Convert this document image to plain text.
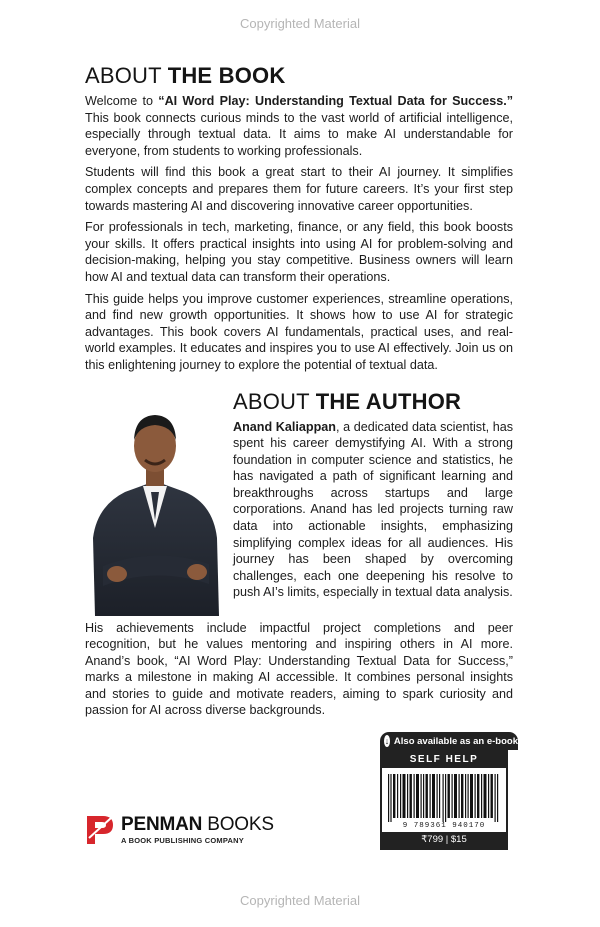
Copyrighted Material
ABOUT THE BOOK

Welcome to “AI Word Play: Understanding Textual Data for Success.” This book connects curious minds to the vast world of artificial intelligence, especially through textual data. It aims to make AI understandable for everyone, from students to working professionals.

Students will find this book a great start to their AI journey. It simplifies complex concepts and prepares them for future careers. It’s your first step towards mastering AI and discovering innovative career opportunities.

For professionals in tech, marketing, finance, or any field, this book boosts your skills. It offers practical insights into using AI for problem-solving and decision-making, helping you stay competitive. Business owners will learn how AI and textual data can transform their operations.

This guide helps you improve customer experiences, streamline operations, and find new growth opportunities. It shows how to use AI for strategic advantages. This book covers AI fundamentals, practical uses, and real-world examples. It educates and inspires you to use AI effectively. Join us on this enlightening journey to explore the potential of textual data.

ABOUT THE AUTHOR

Anand Kaliappan, a dedicated data scientist, has spent his career demystifying AI. With a strong foundation in computer science and statistics, he has navigated a path of significant learning and breakthroughs across startups and large corporations. Anand has led projects turning raw data into actionable insights, emphasizing simplifying complex ideas for all audiences. His journey has been shaped by overcoming challenges, each one deepening his resolve to push AI’s limits, especially in textual data analysis.

His achievements include impactful project completions and peer recognition, but he values mentoring and inspiring others in AI more. Anand’s book, “AI Word Play: Understanding Textual Data for Success,” marks a milestone in making AI accessible. It combines personal insights and stories to guide and motivate readers, aiming to spark curiosity and passion for AI across diverse backgrounds.

PENMAN BOOKS
A BOOK PUBLISHING COMPANY
↓ Also available as an e-book
SELF HELP
9 789361 940170
₹799 | $15
Copyrighted Material
